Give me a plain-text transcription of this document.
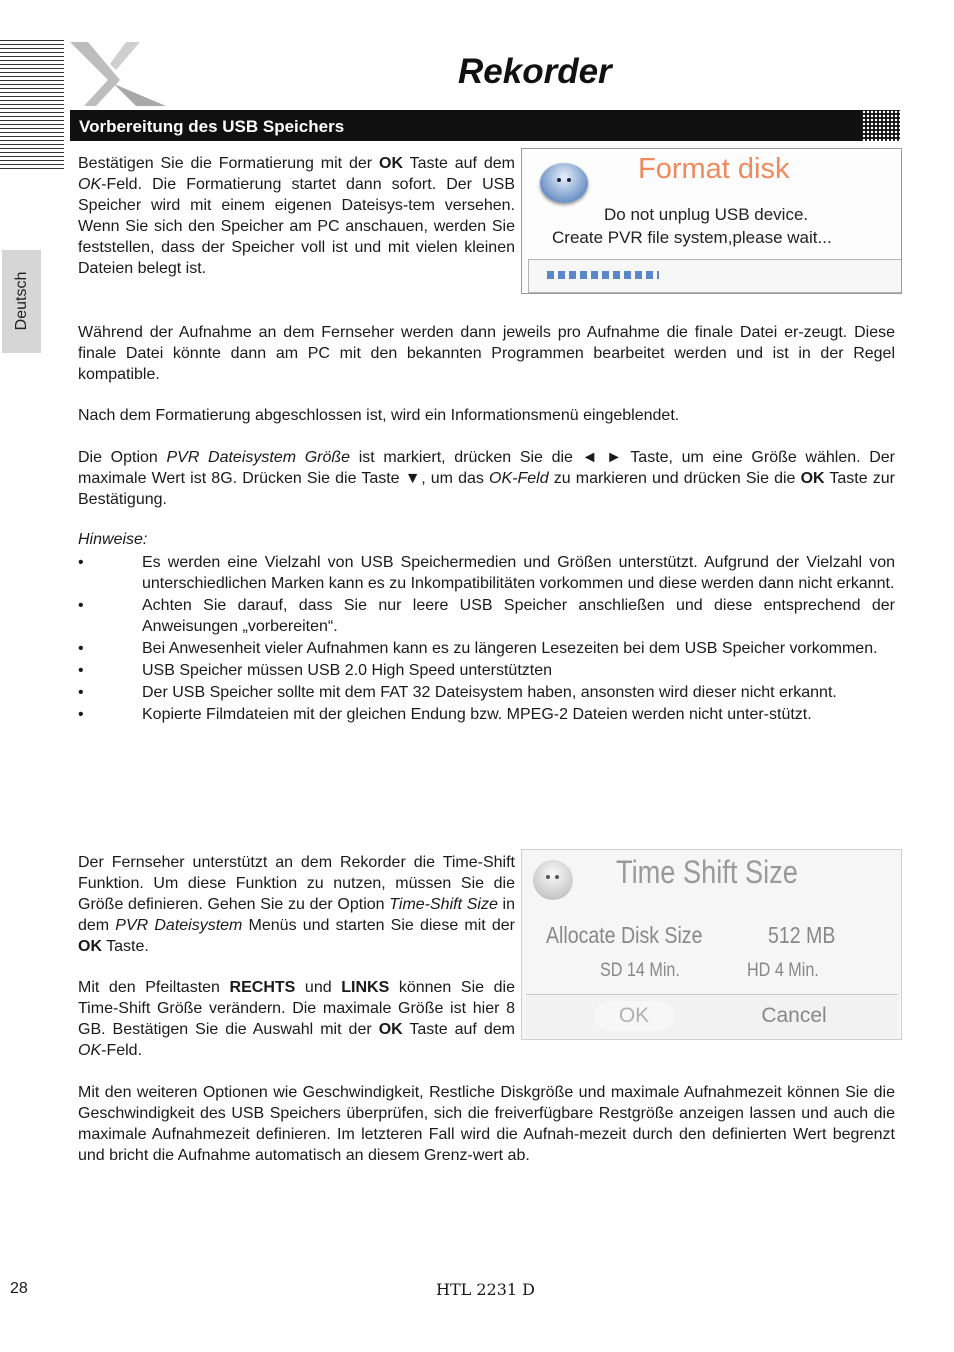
Rekorder
Vorbereitung des USB Speichers
Deutsch

Bestätigen Sie die Formatierung mit der OK Taste auf dem OK-Feld. Die Formatierung startet dann sofort. Der USB Speicher wird mit einem eigenen Dateisys-tem versehen. Wenn Sie sich den Speicher am PC anschauen, werden Sie feststellen, dass der Speicher voll ist und mit vielen kleinen Dateien belegt ist.

Format disk
Do not unplug USB device.
Create PVR file system,please wait...

Während der Aufnahme an dem Fernseher werden dann jeweils pro Aufnahme die finale Datei er-zeugt. Diese finale Datei könnte dann am PC mit den bekannten Programmen bearbeitet werden und ist in der Regel kompatible.

Nach dem Formatierung abgeschlossen ist, wird ein Informationsmenü eingeblendet.

Die Option PVR Dateisystem Größe ist markiert, drücken Sie die ◄ ► Taste, um eine Größe wählen. Der maximale Wert ist 8G. Drücken Sie die Taste ▼, um das OK-Feld zu markieren und drücken Sie die OK Taste zur Bestätigung.

Hinweise:
•	Es werden eine Vielzahl von USB Speichermedien und Größen unterstützt. Aufgrund der Vielzahl von unterschiedlichen Marken kann es zu Inkompatibilitäten vorkommen und diese werden dann nicht erkannt.
•	Achten Sie darauf, dass Sie nur leere USB Speicher anschließen und diese entsprechend der Anweisungen „vorbereiten“.
•	Bei Anwesenheit vieler Aufnahmen kann es zu längeren Lesezeiten bei dem USB Speicher vorkommen.
•	USB Speicher müssen USB 2.0 High Speed unterstützten
•	Der USB Speicher sollte mit dem FAT 32 Dateisystem haben, ansonsten wird dieser nicht erkannt.
•	Kopierte Filmdateien mit der gleichen Endung bzw. MPEG-2 Dateien werden nicht unter-stützt.

Der Fernseher unterstützt an dem Rekorder die Time-Shift Funktion. Um diese Funktion zu nutzen, müssen Sie die Größe definieren. Gehen Sie zu der Option Time-Shift Size in dem PVR Dateisystem Menüs und starten Sie diese mit der OK Taste.

Mit den Pfeiltasten RECHTS und LINKS können Sie die Time-Shift Größe verändern. Die maximale Größe ist hier 8 GB. Bestätigen Sie die Auswahl mit der OK Taste auf dem OK-Feld.

Time Shift Size
Allocate Disk Size	512 MB
SD 14 Min.	HD 4 Min.
OK	Cancel

Mit den weiteren Optionen wie Geschwindigkeit, Restliche Diskgröße und maximale Aufnahmezeit können Sie die Geschwindigkeit des USB Speichers überprüfen, sich die freiverfügbare Restgröße anzeigen lassen und auch die maximale Aufnahmezeit definieren. Im letzteren Fall wird die Aufnah-mezeit durch den definierten Wert begrenzt und bricht die Aufnahme automatisch an diesem Grenz-wert ab.

28	HTL 2231 D
